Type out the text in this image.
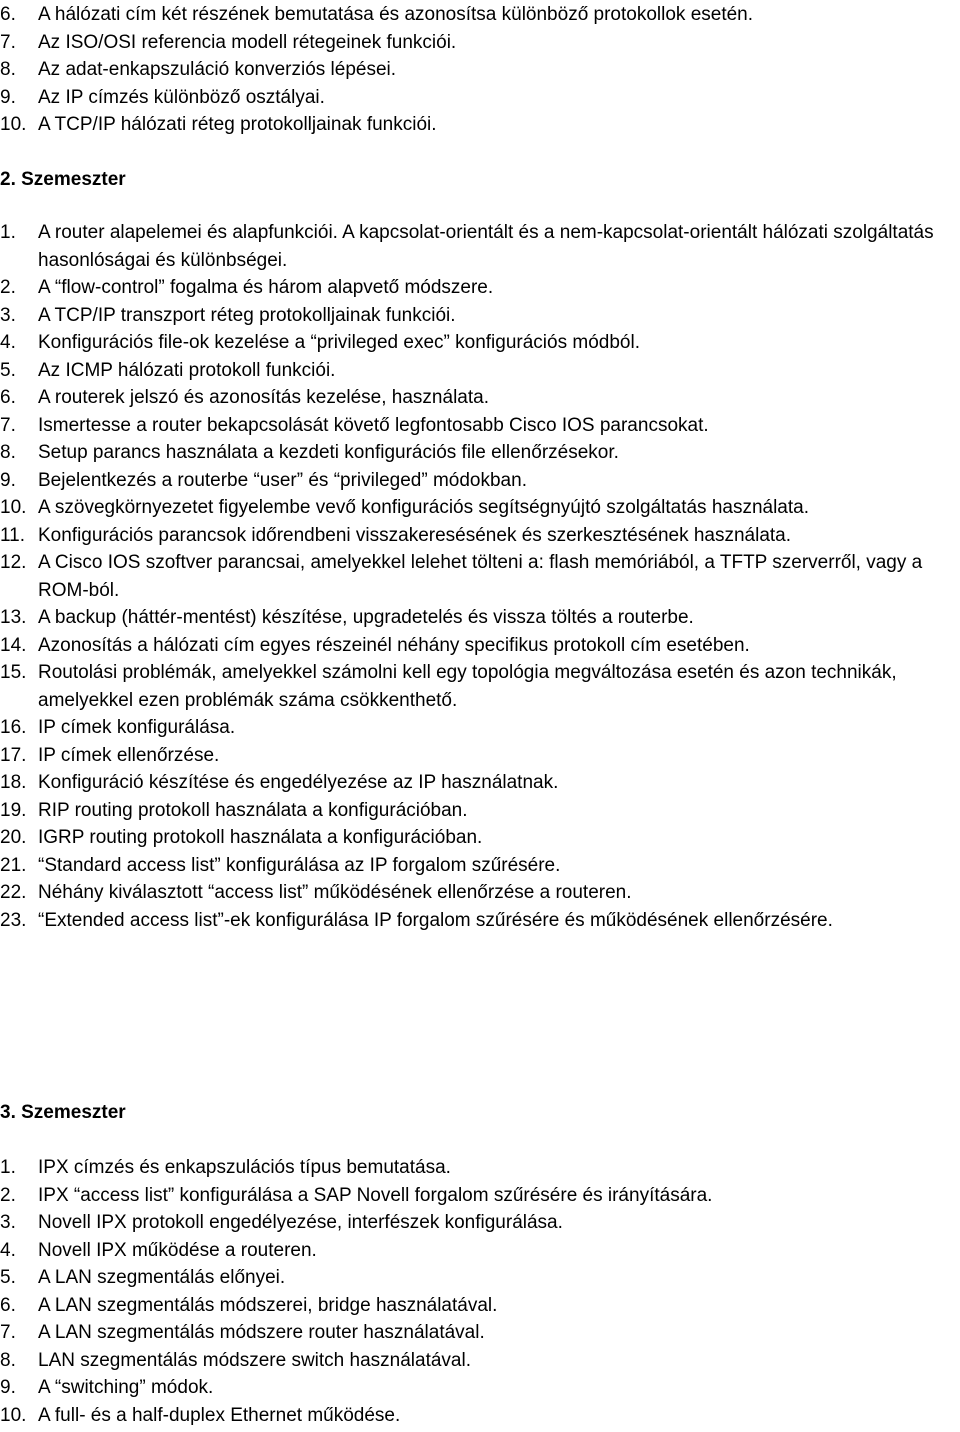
6.	A hálózati cím két részének bemutatása és azonosítsa különböző protokollok esetén.
7.	Az ISO/OSI referencia modell rétegeinek funkciói.
8.	Az adat-enkapszuláció konverziós lépései.
9.	Az IP címzés különböző osztályai.
10. A TCP/IP hálózati réteg protokolljainak funkciói.
2. Szemeszter
1.	A router alapelemei és alapfunkciói. A kapcsolat-orientált és a nem-kapcsolat-orientált hálózati szolgáltatás hasonlóságai és különbségei.
2.	A “flow-control” fogalma és három alapvető módszere.
3.	A TCP/IP transzport réteg protokolljainak funkciói.
4.	Konfigurációs file-ok kezelése a “privileged exec” konfigurációs módból.
5.	Az ICMP hálózati protokoll funkciói.
6.	A routerek jelszó és azonosítás kezelése, használata.
7.	Ismertesse a router bekapcsolását követő legfontosabb Cisco IOS parancsokat.
8.	Setup parancs használata a kezdeti konfigurációs file ellenőrzésekor.
9.	Bejelentkezés a routerbe “user” és “privileged” módokban.
10. A szövegkörnyezetet figyelembe vevő konfigurációs segítségnyújtó szolgáltatás használata.
11. Konfigurációs parancsok időrendbeni visszakeresésének és szerkesztésének használata.
12. A Cisco IOS szoftver parancsai, amelyekkel lelehet tölteni a: flash memóriából, a TFTP szerverről, vagy a ROM-ból.
13. A backup (háttér-mentést) készítése, upgradetelés és vissza töltés a routerbe.
14. Azonosítás a hálózati cím egyes részeinél néhány specifikus protokoll cím esetében.
15. Routolási problémák, amelyekkel számolni kell egy topológia megváltozása esetén és azon technikák, amelyekkel ezen problémák száma csökkenthető.
16. IP címek konfigurálása.
17. IP címek ellenőrzése.
18. Konfiguráció készítése és engedélyezése az IP használatnak.
19. RIP routing protokoll használata a konfigurációban.
20. IGRP routing protokoll használata a konfigurációban.
21. “Standard access list” konfigurálása az IP forgalom szűrésére.
22. Néhány kiválasztott “access list” működésének ellenőrzése a routeren.
23. “Extended access list”-ek konfigurálása IP forgalom szűrésére és működésének ellenőrzésére.
3. Szemeszter
1.	IPX címzés és enkapszulációs típus bemutatása.
2.	IPX “access list” konfigurálása a SAP Novell forgalom szűrésére és irányítására.
3.	Novell IPX protokoll engedélyezése, interfészek konfigurálása.
4.	Novell IPX működése a routeren.
5.	A LAN szegmentálás előnyei.
6.	A LAN szegmentálás módszerei, bridge használatával.
7.	A LAN szegmentálás módszere router használatával.
8.	LAN szegmentálás módszere switch használatával.
9.	A “switching” módok.
10. A full- és a half-duplex Ethernet működése.
